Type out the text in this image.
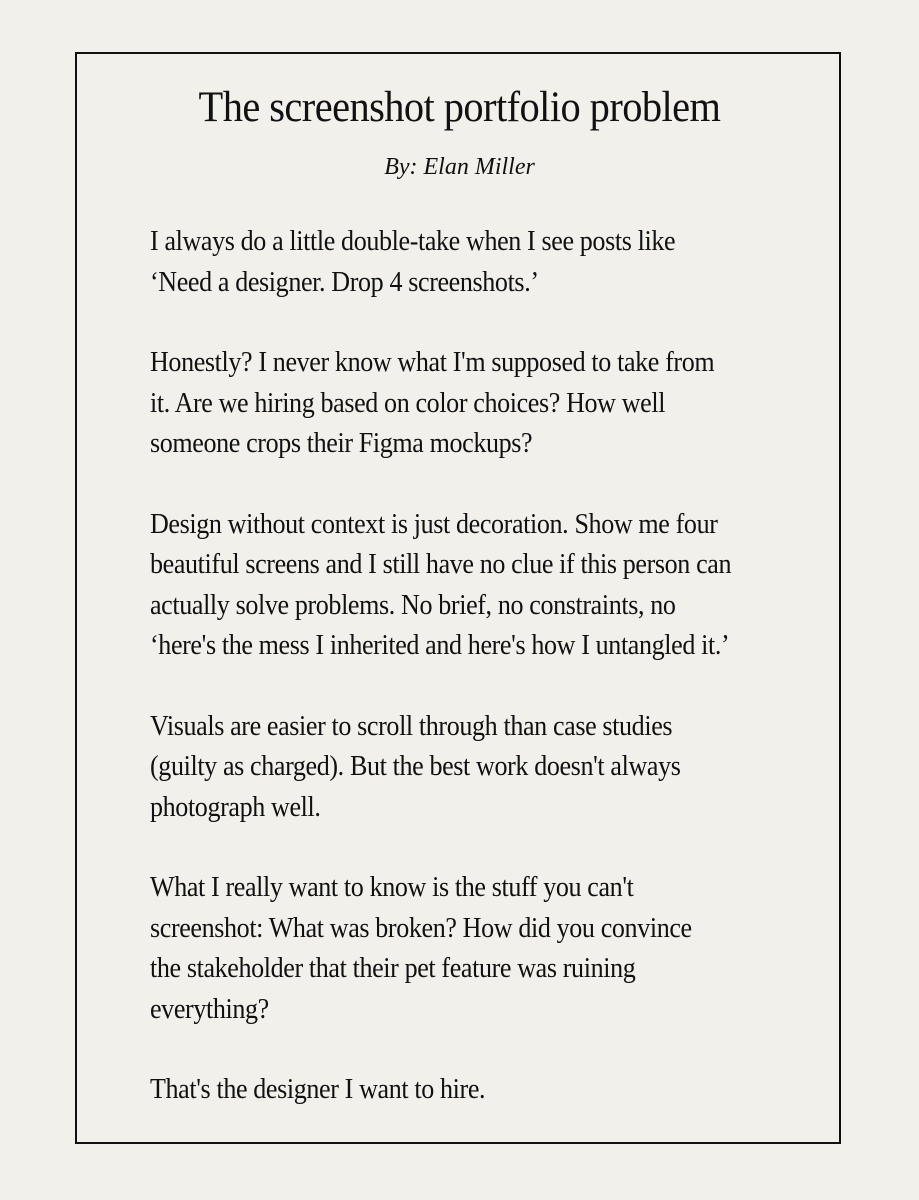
The screenshot portfolio problem

By: Elan Miller

I always do a little double-take when I see posts like
‘Need a designer. Drop 4 screenshots.’

Honestly? I never know what I'm supposed to take from
it. Are we hiring based on color choices? How well
someone crops their Figma mockups?

Design without context is just decoration. Show me four
beautiful screens and I still have no clue if this person can
actually solve problems. No brief, no constraints, no
‘here's the mess I inherited and here's how I untangled it.’

Visuals are easier to scroll through than case studies
(guilty as charged). But the best work doesn't always
photograph well.

What I really want to know is the stuff you can't
screenshot: What was broken? How did you convince
the stakeholder that their pet feature was ruining
everything?

That's the designer I want to hire.
